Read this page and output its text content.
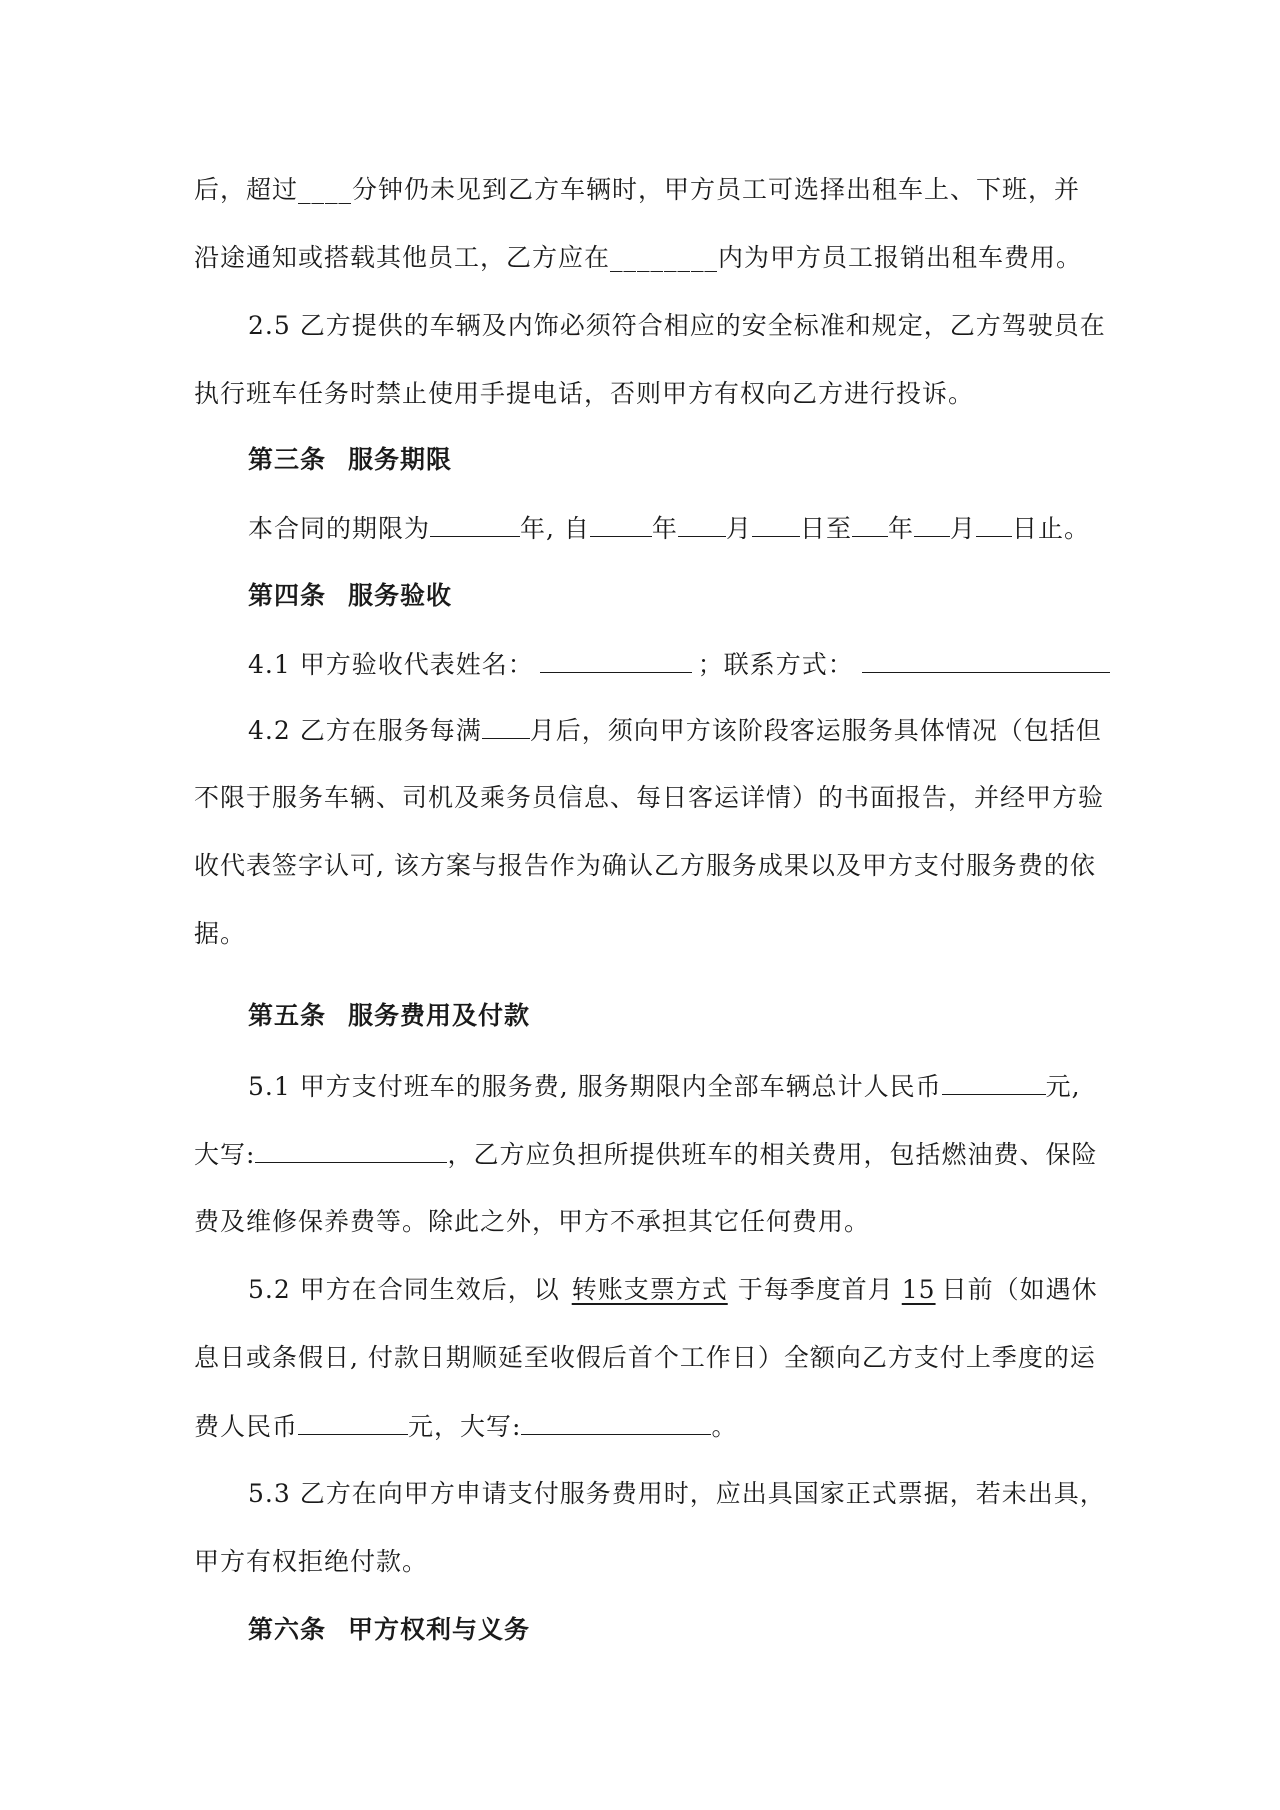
后，超过____分钟仍未见到乙方车辆时，甲方员工可选择出租车上、下班，并
沿途通知或搭载其他员工，乙方应在________内为甲方员工报销出租车费用。
2.5 乙方提供的车辆及内饰必须符合相应的安全标准和规定，乙方驾驶员在
执行班车任务时禁止使用手提电话，否则甲方有权向乙方进行投诉。
第三条 服务期限
本合同的期限为	年, 自 年 月 日至 年 月 日止。
第四条 服务验收
4.1 甲方验收代表姓名：	；联系方式：
4.2 乙方在服务每满 月后，须向甲方该阶段客运服务具体情况（包括但
不限于服务车辆、司机及乘务员信息、每日客运详情）的书面报告，并经甲方验
收代表签字认可, 该方案与报告作为确认乙方服务成果以及甲方支付服务费的依
据。
第五条 服务费用及付款
5.1 甲方支付班车的服务费, 服务期限内全部车辆总计人民币	元,
大写:	，乙方应负担所提供班车的相关费用，包括燃油费、保险
费及维修保养费等。除此之外，甲方不承担其它任何费用。
5.2 甲方在合同生效后，以 转账支票方式 于每季度首月 15 日前（如遇休
息日或条假日, 付款日期顺延至收假后首个工作日）全额向乙方支付上季度的运
费人民币	元，大写:	。
5.3 乙方在向甲方申请支付服务费用时，应出具国家正式票据，若未出具，
甲方有权拒绝付款。
第六条 甲方权利与义务
